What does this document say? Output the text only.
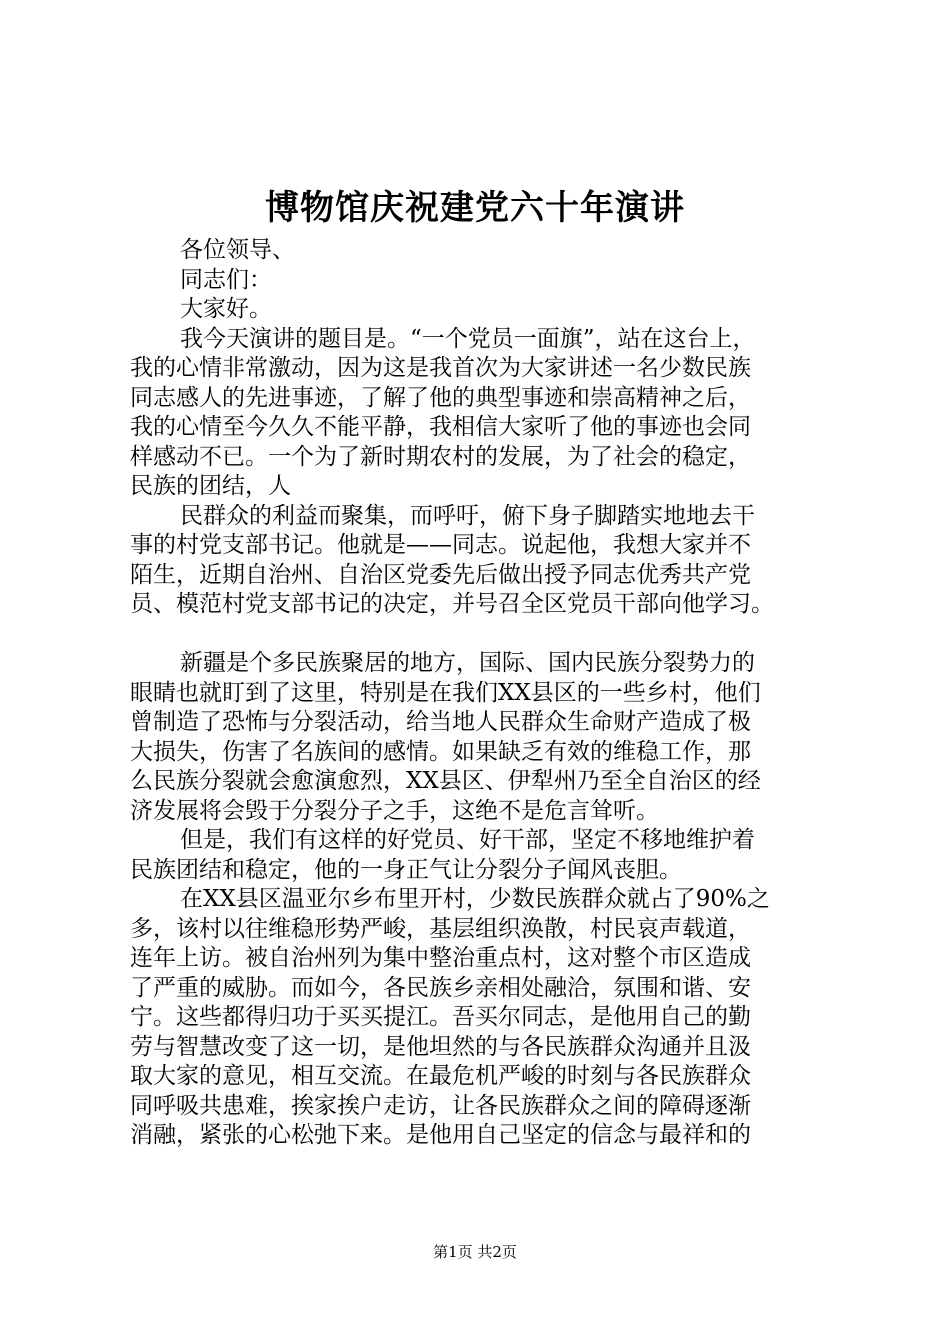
博物馆庆祝建党六十年演讲
各位领导、
同志们：
大家好。
我今天演讲的题目是。“一个党员一面旗”，站在这台上，
我的心情非常激动，因为这是我首次为大家讲述一名少数民族
同志感人的先进事迹，了解了他的典型事迹和崇高精神之后，
我的心情至今久久不能平静，我相信大家听了他的事迹也会同
样感动不已。一个为了新时期农村的发展，为了社会的稳定，
民族的团结，人
民群众的利益而聚集，而呼吁，俯下身子脚踏实地地去干
事的村党支部书记。他就是——同志。说起他，我想大家并不
陌生，近期自治州、自治区党委先后做出授予同志优秀共产党
员、模范村党支部书记的决定，并号召全区党员干部向他学习。
新疆是个多民族聚居的地方，国际、国内民族分裂势力的
眼睛也就盯到了这里，特别是在我们XX县区的一些乡村，他们
曾制造了恐怖与分裂活动，给当地人民群众生命财产造成了极
大损失，伤害了名族间的感情。如果缺乏有效的维稳工作，那
么民族分裂就会愈演愈烈，XX县区、伊犁州乃至全自治区的经
济发展将会毁于分裂分子之手，这绝不是危言耸听。
但是，我们有这样的好党员、好干部，坚定不移地维护着
民族团结和稳定，他的一身正气让分裂分子闻风丧胆。
在XX县区温亚尔乡布里开村，少数民族群众就占了90%之
多，该村以往维稳形势严峻，基层组织涣散，村民哀声载道，
连年上访。被自治州列为集中整治重点村，这对整个市区造成
了严重的威胁。而如今，各民族乡亲相处融洽，氛围和谐、安
宁。这些都得归功于买买提江。吾买尔同志，是他用自己的勤
劳与智慧改变了这一切，是他坦然的与各民族群众沟通并且汲
取大家的意见，相互交流。在最危机严峻的时刻与各民族群众
同呼吸共患难，挨家挨户走访，让各民族群众之间的障碍逐渐
消融，紧张的心松弛下来。是他用自己坚定的信念与最祥和的
第1页 共2页
